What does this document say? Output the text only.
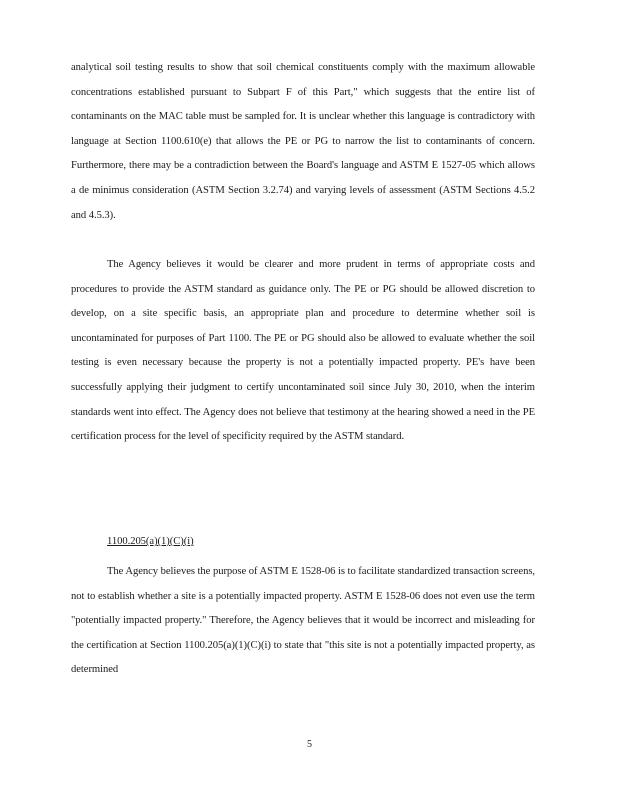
analytical soil testing results to show that soil chemical constituents comply with the maximum allowable concentrations established pursuant to Subpart F of this Part," which suggests that the entire list of contaminants on the MAC table must be sampled for. It is unclear whether this language is contradictory with language at Section 1100.610(e) that allows the PE or PG to narrow the list to contaminants of concern. Furthermore, there may be a contradiction between the Board's language and ASTM E 1527-05 which allows a de minimus consideration (ASTM Section 3.2.74) and varying levels of assessment (ASTM Sections 4.5.2 and 4.5.3).

The Agency believes it would be clearer and more prudent in terms of appropriate costs and procedures to provide the ASTM standard as guidance only. The PE or PG should be allowed discretion to develop, on a site specific basis, an appropriate plan and procedure to determine whether soil is uncontaminated for purposes of Part 1100. The PE or PG should also be allowed to evaluate whether the soil testing is even necessary because the property is not a potentially impacted property. PE's have been successfully applying their judgment to certify uncontaminated soil since July 30, 2010, when the interim standards went into effect. The Agency does not believe that testimony at the hearing showed a need in the PE certification process for the level of specificity required by the ASTM standard.

1100.205(a)(1)(C)(i)

The Agency believes the purpose of ASTM E 1528-06 is to facilitate standardized transaction screens, not to establish whether a site is a potentially impacted property. ASTM E 1528-06 does not even use the term "potentially impacted property." Therefore, the Agency believes that it would be incorrect and misleading for the certification at Section 1100.205(a)(1)(C)(i) to state that "this site is not a potentially impacted property, as determined

5
